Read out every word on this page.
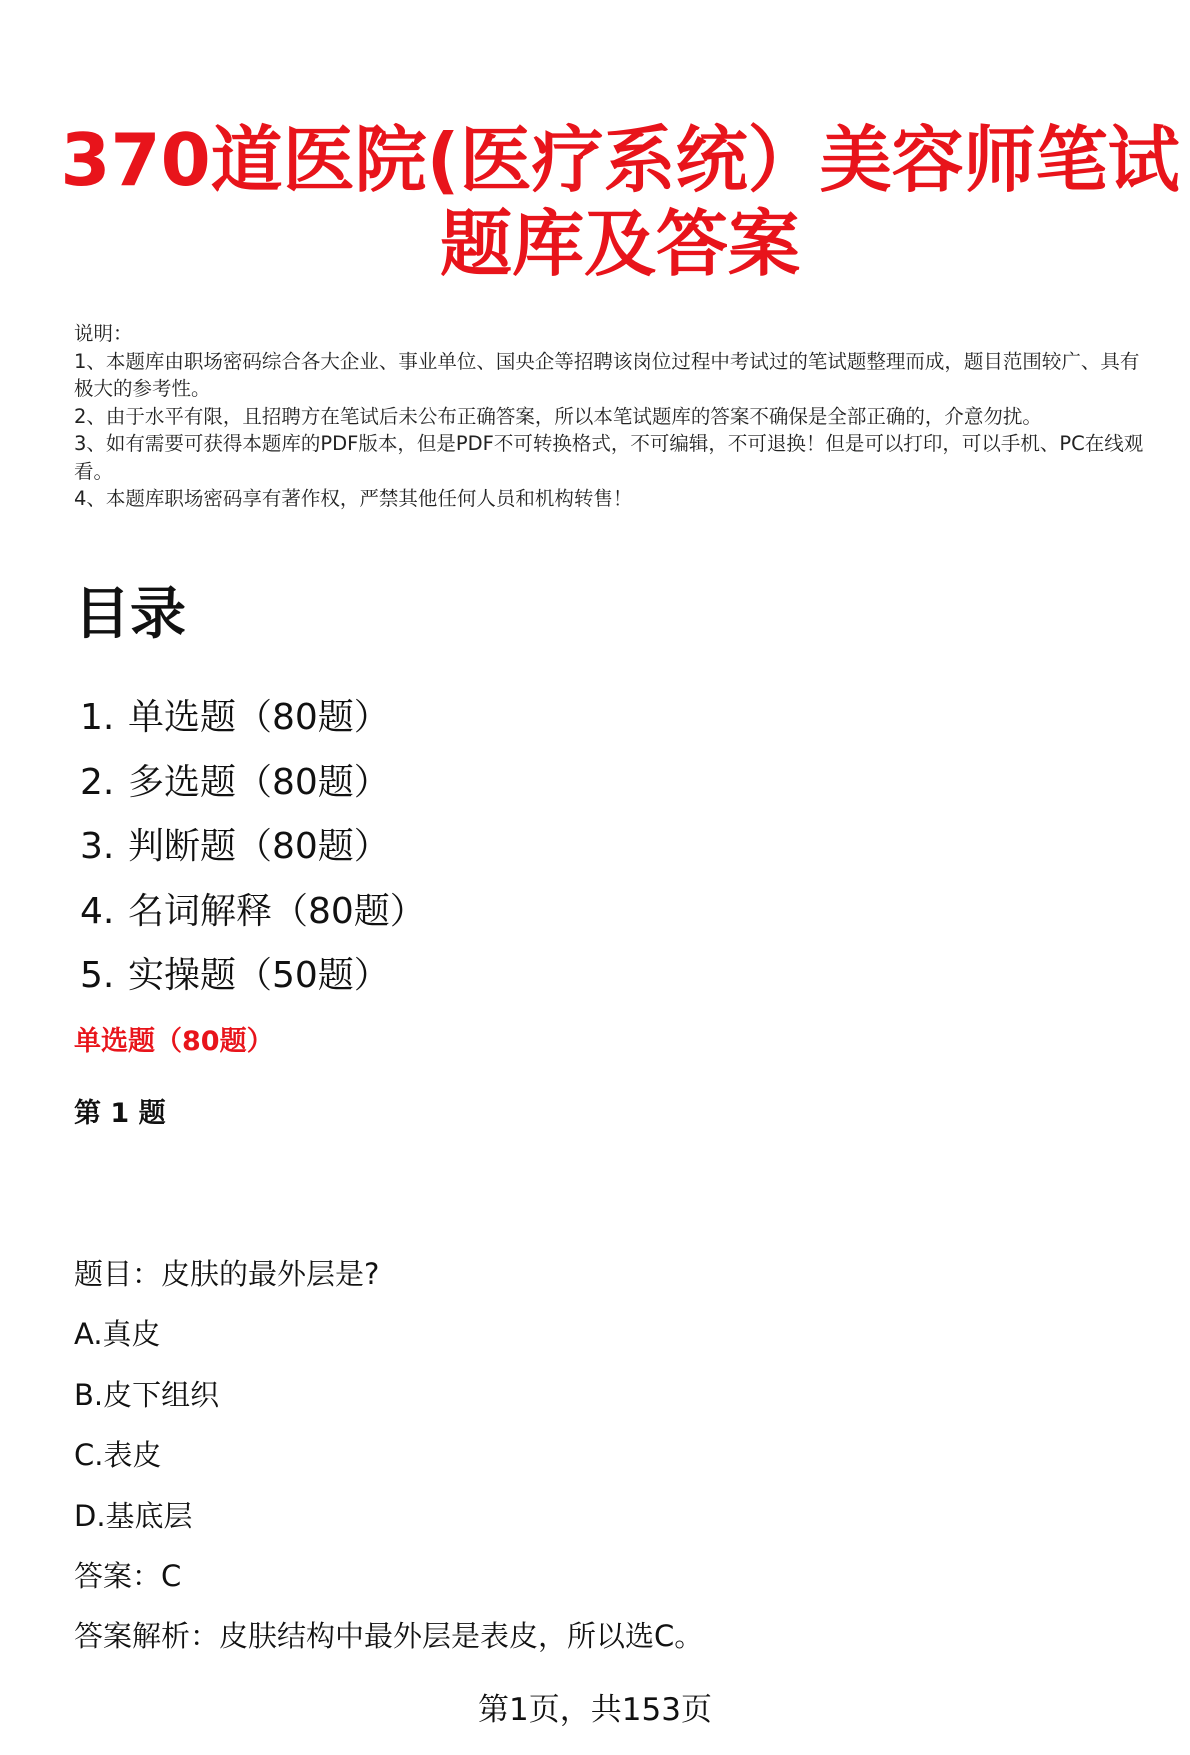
370道医院(医疗系统）美容师笔试题库及答案

说明：

1、本题库由职场密码综合各大企业、事业单位、国央企等招聘该岗位过程中考试过的笔试题整理而成，题目范围较广、具有极大的参考性。

2、由于水平有限，且招聘方在笔试后未公布正确答案，所以本笔试题库的答案不确保是全部正确的，介意勿扰。

3、如有需要可获得本题库的PDF版本，但是PDF不可转换格式，不可编辑，不可退换！但是可以打印，可以手机、PC在线观看。

4、本题库职场密码享有著作权，严禁其他任何人员和机构转售！

目录
1. 单选题（80题）
2. 多选题（80题）
3. 判断题（80题）
4. 名词解释（80题）
5. 实操题（50题）
单选题（80题）
第 1 题

题目：皮肤的最外层是?

A.真皮

B.皮下组织

C.表皮

D.基底层

答案：C

答案解析：皮肤结构中最外层是表皮，所以选C。

第1页，共153页
